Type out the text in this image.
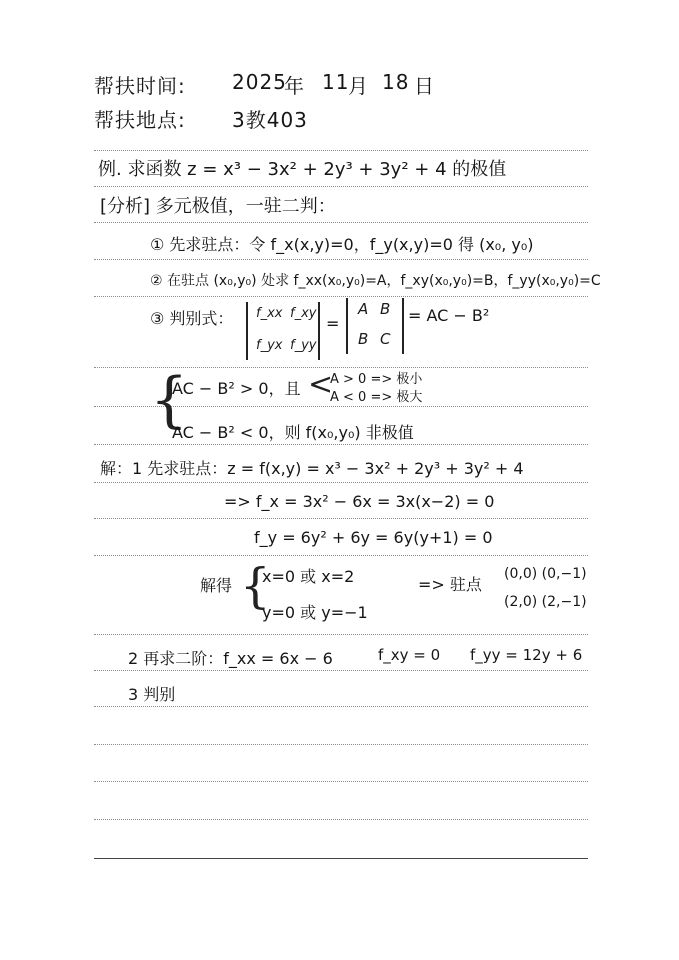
帮扶时间: 2025
年 11
月 18 日
帮扶地点: 3教403
例. 求函数 z = x³ − 3x² + 2y³ + 3y² + 4 的极值
[分析] 多元极值，一驻二判：
① 先求驻点：令 f_x(x,y)=0，f_y(x,y)=0 得 (x₀, y₀)
② 在驻点 (x₀,y₀) 处求 f_xx(x₀,y₀)=A，f_xy(x₀,y₀)=B，f_yy(x₀,y₀)=C
③ 判别式： f_xx f_xy
f_yx f_yy
=
A B
B C
= AC − B²
{
AC − B² > 0，且 <
A > 0 => 极小
A < 0 => 极大
AC − B² < 0，则 f(x₀,y₀) 非极值
解：1 先求驻点：z = f(x,y) = x³ − 3x² + 2y³ + 3y² + 4
=> f_x = 3x² − 6x = 3x(x−2) = 0
f_y = 6y² + 6y = 6y(y+1) = 0
解得 {
x=0 或 x=2
y=0 或 y=−1
=> 驻点
(0,0) (0,−1)
(2,0) (2,−1)
2 再求二阶：f_xx = 6x − 6	f_xy = 0 f_yy = 12y + 6
3 判别
